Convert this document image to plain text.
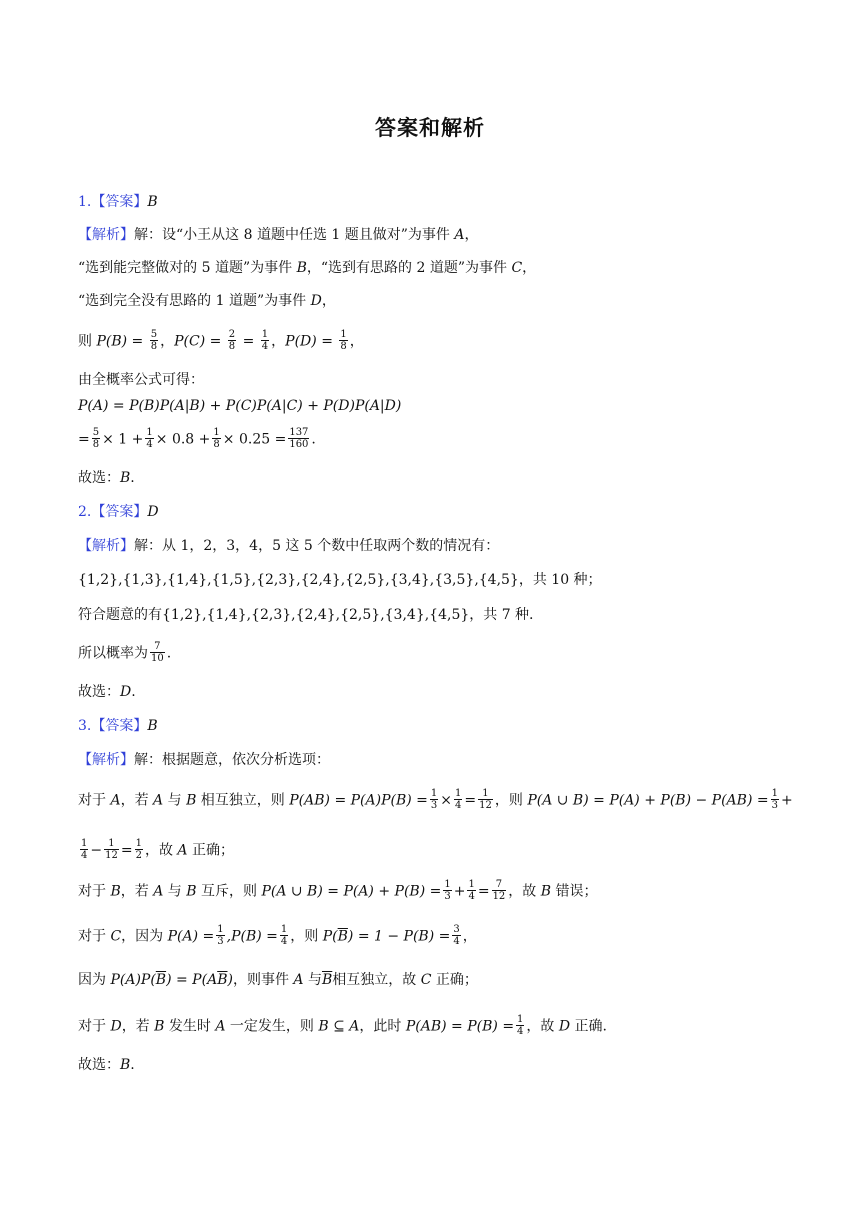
答案和解析
1.【答案】B
【解析】解：设“小王从这 8 道题中任选 1 题且做对”为事件 A，
“选到能完整做对的 5 道题”为事件 B，“选到有思路的 2 道题”为事件 C，
“选到完全没有思路的 1 道题”为事件 D，
则 $P(B) = \frac{5}{8}$ ，$P(C) = \frac{2}{8} = \frac{1}{4}$ ，$P(D) = \frac{1}{8}$ ，
由全概率公式可得：
P(A) = P(B)P(A|B) + P(C)P(A|C) + P(D)P(A|D)
= $\frac{5}{8} \times 1 + \frac{1}{4} \times 0.8 + \frac{1}{8} \times 0.25 = \frac{137}{160}$ .
故选：B.
2.【答案】D
【解析】解：从 1，2，3，4，5 这 5 个数中任取两个数的情况有：
{1,2},{1,3},{1,4},{1,5},{2,3},{2,4},{2,5},{3,4},{3,5},{4,5}，共 10 种；
符合题意的有{1,2},{1,4},{2,3},{2,4},{2,5},{3,4},{4,5}，共 7 种.
所以概率为 $\frac{7}{10}$ .
故选：D.
3.【答案】B
【解析】解：根据题意，依次分析选项：
对于 A，若 A 与 B 相互独立，则 $P(AB) = P(A)P(B) = \frac{1}{3} \times \frac{1}{4} = \frac{1}{12}$ ，则 P(A ∪ $B) = P(A) + P(B) - P(AB) = \frac{1}{3}$ +
$\frac{1}{4} - \frac{1}{12} = \frac{1}{2}$ ，故 A 正确；
对于 B，若 A 与 B 互斥，则 P(A ∪ $B) = P(A) + P(B) = \frac{1}{3} + \frac{1}{4} = \frac{7}{12}$ ，故 B 错误；
对于 C，因为 $P(A) = \frac{1}{3} ,P(B) = \frac{1}{4}$ ，则 $P(\overline{B}) = 1 - P(B) = \frac{3}{4}$ ，
因为 $P(A)P(\overline{B}) = P(A\overline{B})$，则事件 A 与$\overline{B}$相互独立，故 C 正确；
对于 D，若 B 发生时 A 一定发生，则 B ⊆ A，此时 $P(AB) = P(B) = \frac{1}{4}$ ，故 D 正确.
故选：B.
